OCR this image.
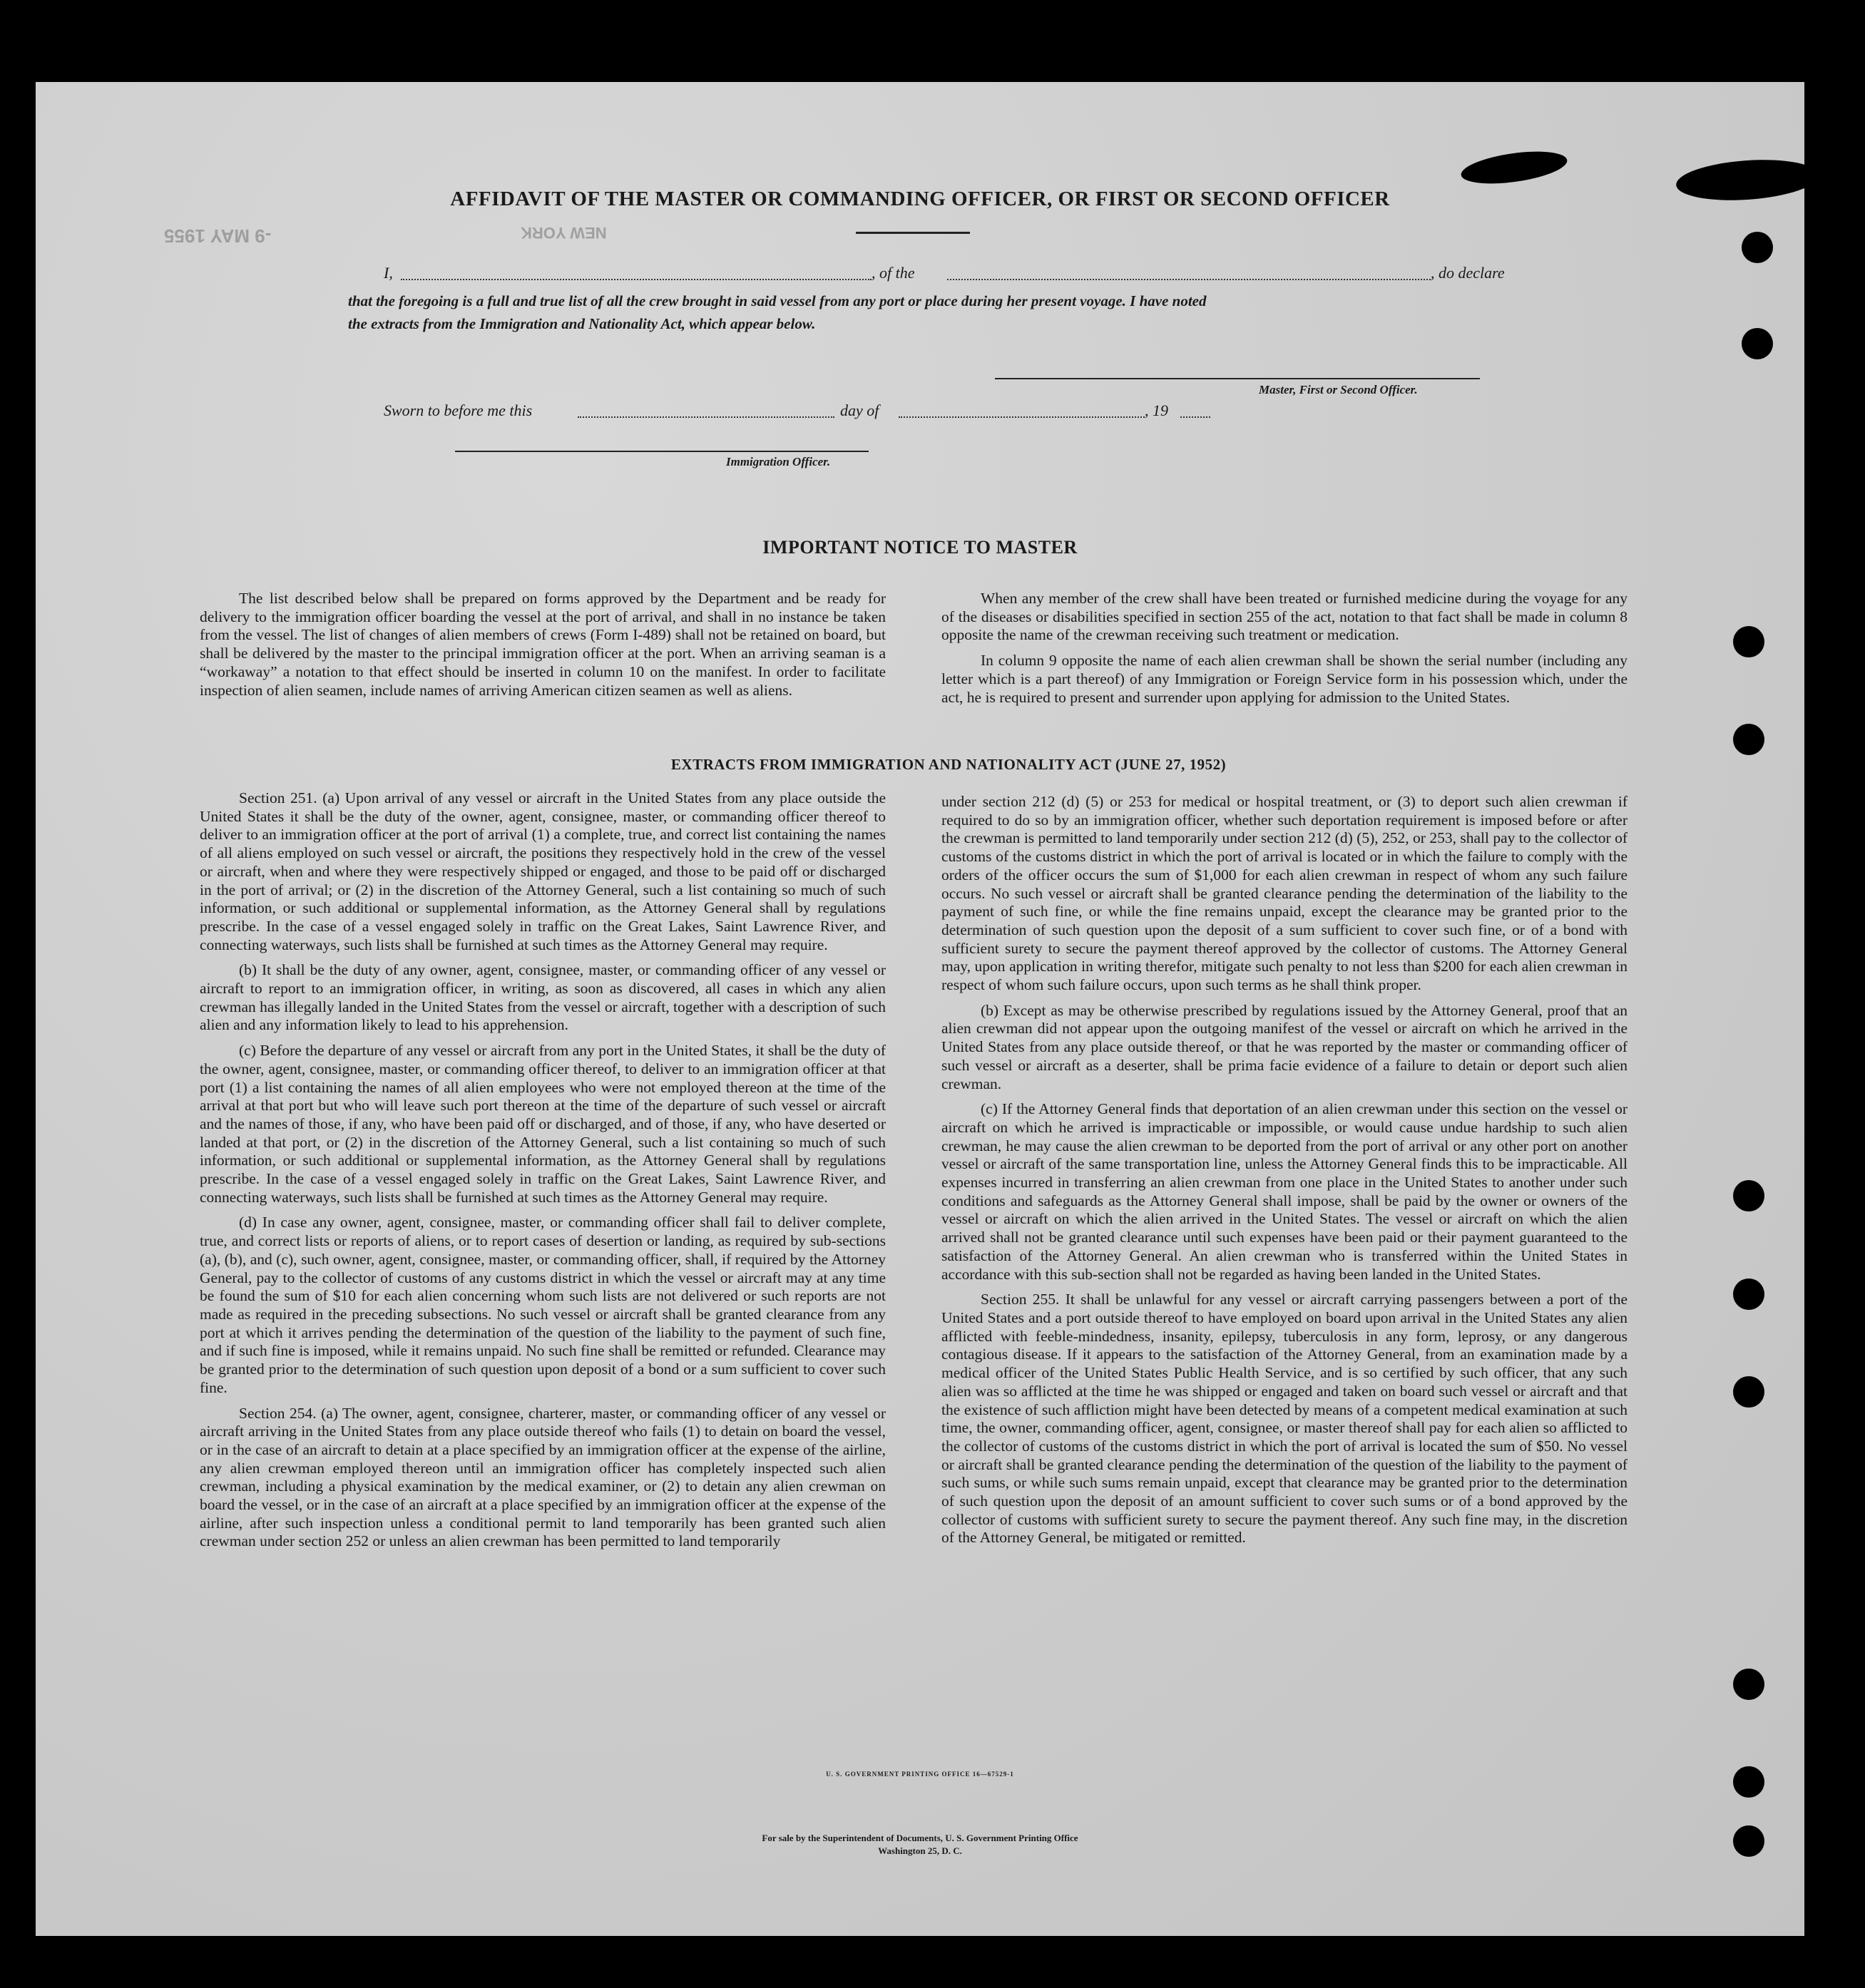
NEW YORK
-9 MAY 1955
AFFIDAVIT OF THE MASTER OR COMMANDING OFFICER, OR FIRST OR SECOND OFFICER
I,	, of the	, do declare
that the foregoing is a full and true list of all the crew brought in said vessel from any port or place during her present voyage. I have noted
the extracts from the Immigration and Nationality Act, which appear below.
Master, First or Second Officer.
Sworn to before me this	day of	, 19
Immigration Officer.
IMPORTANT NOTICE TO MASTER

The list described below shall be prepared on forms approved by the Department and be ready for delivery to the immigration officer boarding the vessel at the port of arrival, and shall in no instance be taken from the vessel. The list of changes of alien members of crews (Form I-489) shall not be retained on board, but shall be delivered by the master to the principal immigration officer at the port. When an arriving seaman is a “workaway” a notation to that effect should be inserted in column 10 on the manifest. In order to facilitate inspection of alien seamen, include names of arriving American citizen seamen as well as aliens.

When any member of the crew shall have been treated or furnished medicine during the voyage for any of the diseases or disabilities specified in section 255 of the act, notation to that fact shall be made in column 8 opposite the name of the crewman receiving such treatment or medication.

In column 9 opposite the name of each alien crewman shall be shown the serial number (including any letter which is a part thereof) of any Immigration or Foreign Service form in his possession which, under the act, he is required to present and surrender upon applying for admission to the United States.

EXTRACTS FROM IMMIGRATION AND NATIONALITY ACT (JUNE 27, 1952)

Section 251. (a) Upon arrival of any vessel or aircraft in the United States from any place outside the United States it shall be the duty of the owner, agent, consignee, master, or commanding officer thereof to deliver to an immigration officer at the port of arrival (1) a complete, true, and correct list containing the names of all aliens employed on such vessel or aircraft, the positions they respectively hold in the crew of the vessel or aircraft, when and where they were respectively shipped or engaged, and those to be paid off or discharged in the port of arrival; or (2) in the discretion of the Attorney General, such a list containing so much of such information, or such additional or supplemental information, as the Attorney General shall by regulations prescribe. In the case of a vessel engaged solely in traffic on the Great Lakes, Saint Lawrence River, and connecting waterways, such lists shall be furnished at such times as the Attorney General may require.

(b) It shall be the duty of any owner, agent, consignee, master, or commanding officer of any vessel or aircraft to report to an immigration officer, in writing, as soon as discovered, all cases in which any alien crewman has illegally landed in the United States from the vessel or aircraft, together with a description of such alien and any information likely to lead to his apprehension.

(c) Before the departure of any vessel or aircraft from any port in the United States, it shall be the duty of the owner, agent, consignee, master, or commanding officer thereof, to deliver to an immigration officer at that port (1) a list containing the names of all alien employees who were not employed thereon at the time of the arrival at that port but who will leave such port thereon at the time of the departure of such vessel or aircraft and the names of those, if any, who have been paid off or discharged, and of those, if any, who have deserted or landed at that port, or (2) in the discretion of the Attorney General, such a list containing so much of such information, or such additional or supplemental information, as the Attorney General shall by regulations prescribe. In the case of a vessel engaged solely in traffic on the Great Lakes, Saint Lawrence River, and connecting waterways, such lists shall be furnished at such times as the Attorney General may require.

(d) In case any owner, agent, consignee, master, or commanding officer shall fail to deliver complete, true, and correct lists or reports of aliens, or to report cases of desertion or landing, as required by sub-sections (a), (b), and (c), such owner, agent, consignee, master, or commanding officer, shall, if required by the Attorney General, pay to the collector of customs of any customs district in which the vessel or aircraft may at any time be found the sum of $10 for each alien concerning whom such lists are not delivered or such reports are not made as required in the preceding subsections. No such vessel or aircraft shall be granted clearance from any port at which it arrives pending the determination of the question of the liability to the payment of such fine, and if such fine is imposed, while it remains unpaid. No such fine shall be remitted or refunded. Clearance may be granted prior to the determination of such question upon deposit of a bond or a sum sufficient to cover such fine.

Section 254. (a) The owner, agent, consignee, charterer, master, or commanding officer of any vessel or aircraft arriving in the United States from any place outside thereof who fails (1) to detain on board the vessel, or in the case of an aircraft to detain at a place specified by an immigration officer at the expense of the airline, any alien crewman employed thereon until an immigration officer has completely inspected such alien crewman, including a physical examination by the medical examiner, or (2) to detain any alien crewman on board the vessel, or in the case of an aircraft at a place specified by an immigration officer at the expense of the airline, after such inspection unless a conditional permit to land temporarily has been granted such alien crewman under section 252 or unless an alien crewman has been permitted to land temporarily

under section 212 (d) (5) or 253 for medical or hospital treatment, or (3) to deport such alien crewman if required to do so by an immigration officer, whether such deportation requirement is imposed before or after the crewman is permitted to land temporarily under section 212 (d) (5), 252, or 253, shall pay to the collector of customs of the customs district in which the port of arrival is located or in which the failure to comply with the orders of the officer occurs the sum of $1,000 for each alien crewman in respect of whom any such failure occurs. No such vessel or aircraft shall be granted clearance pending the determination of the liability to the payment of such fine, or while the fine remains unpaid, except the clearance may be granted prior to the determination of such question upon the deposit of a sum sufficient to cover such fine, or of a bond with sufficient surety to secure the payment thereof approved by the collector of customs. The Attorney General may, upon application in writing therefor, mitigate such penalty to not less than $200 for each alien crewman in respect of whom such failure occurs, upon such terms as he shall think proper.

(b) Except as may be otherwise prescribed by regulations issued by the Attorney General, proof that an alien crewman did not appear upon the outgoing manifest of the vessel or aircraft on which he arrived in the United States from any place outside thereof, or that he was reported by the master or commanding officer of such vessel or aircraft as a deserter, shall be prima facie evidence of a failure to detain or deport such alien crewman.

(c) If the Attorney General finds that deportation of an alien crewman under this section on the vessel or aircraft on which he arrived is impracticable or impossible, or would cause undue hardship to such alien crewman, he may cause the alien crewman to be deported from the port of arrival or any other port on another vessel or aircraft of the same transportation line, unless the Attorney General finds this to be impracticable. All expenses incurred in transferring an alien crewman from one place in the United States to another under such conditions and safeguards as the Attorney General shall impose, shall be paid by the owner or owners of the vessel or aircraft on which the alien arrived in the United States. The vessel or aircraft on which the alien arrived shall not be granted clearance until such expenses have been paid or their payment guaranteed to the satisfaction of the Attorney General. An alien crewman who is transferred within the United States in accordance with this sub-section shall not be regarded as having been landed in the United States.

Section 255. It shall be unlawful for any vessel or aircraft carrying passengers between a port of the United States and a port outside thereof to have employed on board upon arrival in the United States any alien afflicted with feeble-mindedness, insanity, epilepsy, tuberculosis in any form, leprosy, or any dangerous contagious disease. If it appears to the satisfaction of the Attorney General, from an examination made by a medical officer of the United States Public Health Service, and is so certified by such officer, that any such alien was so afflicted at the time he was shipped or engaged and taken on board such vessel or aircraft and that the existence of such affliction might have been detected by means of a competent medical examination at such time, the owner, commanding officer, agent, consignee, or master thereof shall pay for each alien so afflicted to the collector of customs of the customs district in which the port of arrival is located the sum of $50. No vessel or aircraft shall be granted clearance pending the determination of the question of the liability to the payment of such sums, or while such sums remain unpaid, except that clearance may be granted prior to the determination of such question upon the deposit of an amount sufficient to cover such sums or of a bond approved by the collector of customs with sufficient surety to secure the payment thereof. Any such fine may, in the discretion of the Attorney General, be mitigated or remitted.

U. S. GOVERNMENT PRINTING OFFICE 16—67529-1
For sale by the Superintendent of Documents, U. S. Government Printing Office
Washington 25, D. C.
